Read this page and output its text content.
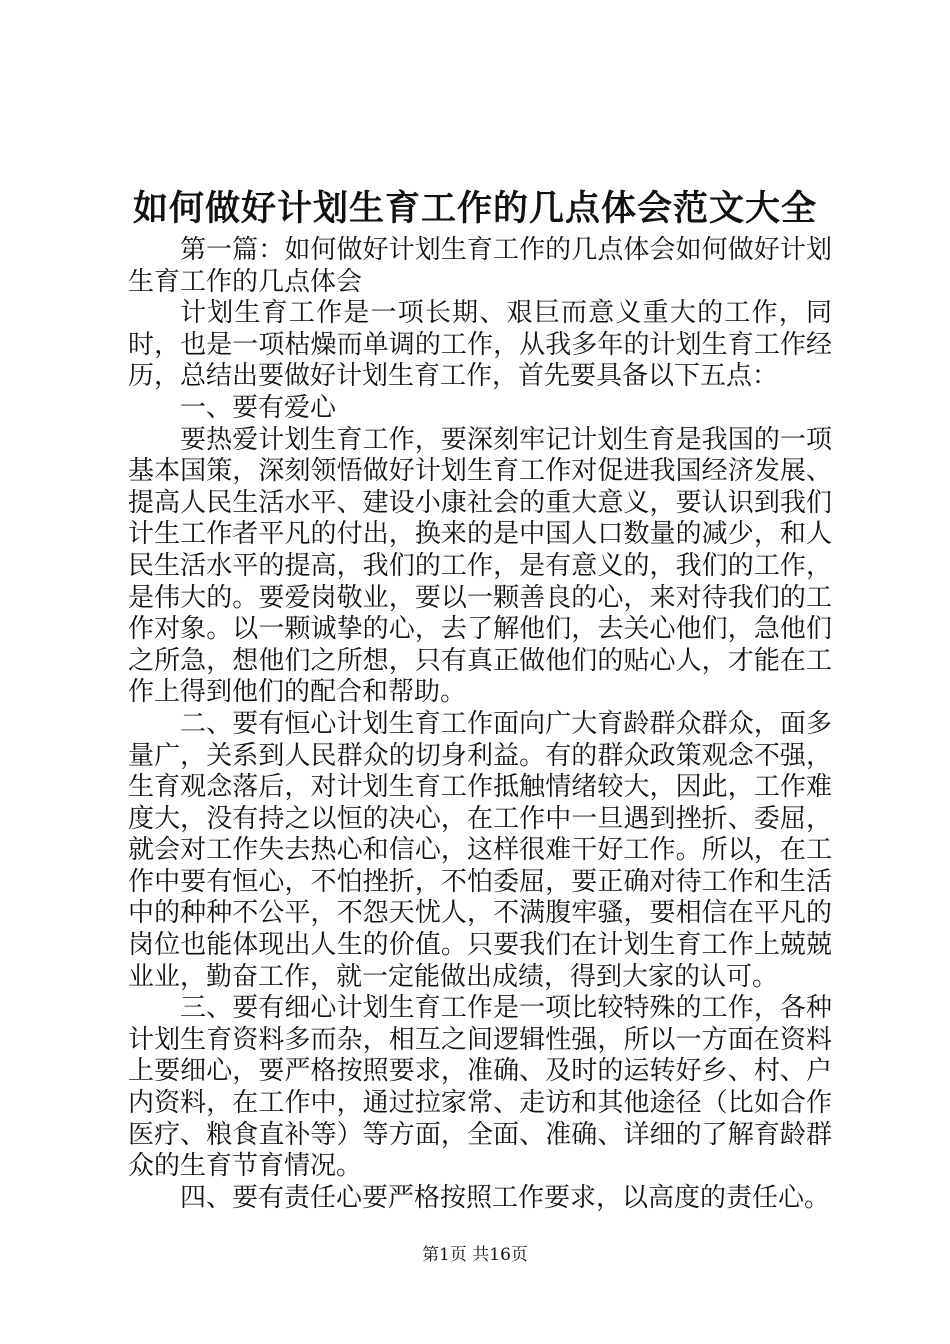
如何做好计划生育工作的几点体会范文大全

第一篇：如何做好计划生育工作的几点体会如何做好计划生育工作的几点体会

计划生育工作是一项长期、艰巨而意义重大的工作，同时，也是一项枯燥而单调的工作，从我多年的计划生育工作经历，总结出要做好计划生育工作，首先要具备以下五点：

一、要有爱心

要热爱计划生育工作，要深刻牢记计划生育是我国的一项基本国策，深刻领悟做好计划生育工作对促进我国经济发展、提高人民生活水平、建设小康社会的重大意义，要认识到我们计生工作者平凡的付出，换来的是中国人口数量的减少，和人民生活水平的提高，我们的工作，是有意义的，我们的工作，是伟大的。要爱岗敬业，要以一颗善良的心，来对待我们的工作对象。以一颗诚挚的心，去了解他们，去关心他们，急他们之所急，想他们之所想，只有真正做他们的贴心人，才能在工作上得到他们的配合和帮助。

二、要有恒心计划生育工作面向广大育龄群众群众，面多量广，关系到人民群众的切身利益。有的群众政策观念不强，生育观念落后，对计划生育工作抵触情绪较大，因此，工作难度大，没有持之以恒的决心，在工作中一旦遇到挫折、委屈，就会对工作失去热心和信心，这样很难干好工作。所以，在工作中要有恒心，不怕挫折，不怕委屈，要正确对待工作和生活中的种种不公平，不怨天忧人，不满腹牢骚，要相信在平凡的岗位也能体现出人生的价值。只要我们在计划生育工作上兢兢业业，勤奋工作，就一定能做出成绩，得到大家的认可。

三、要有细心计划生育工作是一项比较特殊的工作，各种计划生育资料多而杂，相互之间逻辑性强，所以一方面在资料上要细心，要严格按照要求，准确、及时的运转好乡、村、户内资料，在工作中，通过拉家常、走访和其他途径（比如合作医疗、粮食直补等）等方面，全面、准确、详细的了解育龄群众的生育节育情况。

四、要有责任心要严格按照工作要求，以高度的责任心。

第1页 共16页
